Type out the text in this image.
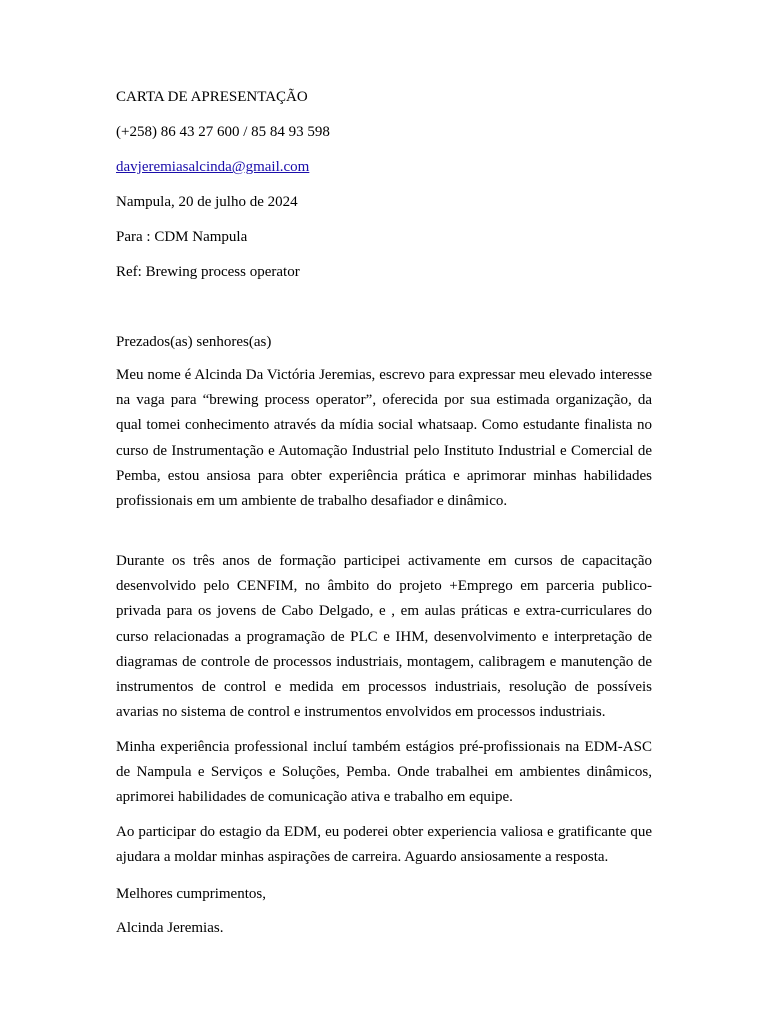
CARTA DE APRESENTAÇÃO
(+258) 86 43 27 600 / 85 84 93 598
davjeremiasalcinda@gmail.com
Nampula, 20 de julho de 2024
Para : CDM Nampula
Ref: Brewing process operator
Prezados(as) senhores(as)

Meu nome é Alcinda Da Victória Jeremias, escrevo para expressar meu elevado interesse na vaga para “brewing process operator”, oferecida por sua estimada organização, da qual tomei conhecimento através da mídia social whatsaap. Como estudante finalista no curso de Instrumentação e Automação Industrial pelo Instituto Industrial e Comercial de Pemba, estou ansiosa para obter experiência prática e aprimorar minhas habilidades profissionais em um ambiente de trabalho desafiador e dinâmico.

Durante os três anos de formação participei activamente em cursos de capacitação desenvolvido pelo CENFIM, no âmbito do projeto +Emprego em parceria publico-privada para os jovens de Cabo Delgado, e , em aulas práticas e extra-curriculares do curso relacionadas a programação de PLC e IHM, desenvolvimento e interpretação de diagramas de controle de processos industriais, montagem, calibragem e manutenção de instrumentos de control e medida em processos industriais, resolução de possíveis avarias no sistema de control e instrumentos envolvidos em processos industriais.

Minha experiência professional incluí também estágios pré-profissionais na EDM-ASC de Nampula e Serviços e Soluções, Pemba. Onde trabalhei em ambientes dinâmicos, aprimorei habilidades de comunicação ativa e trabalho em equipe.

Ao participar do estagio da EDM, eu poderei obter experiencia valiosa e gratificante que ajudara a moldar minhas aspirações de carreira. Aguardo ansiosamente a resposta.

Melhores cumprimentos,
Alcinda Jeremias.
